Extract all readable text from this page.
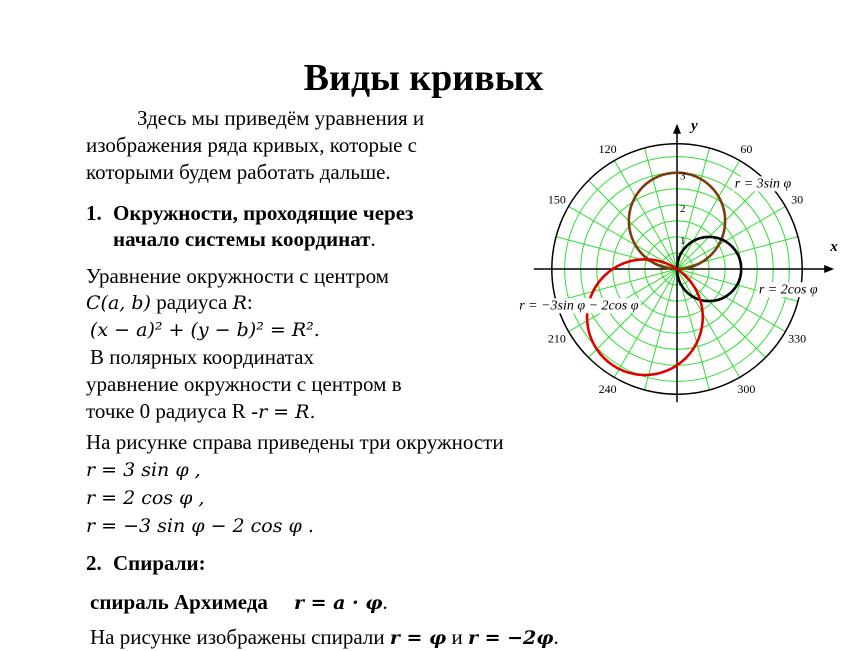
Виды кривых
Здесь мы приведём уравнения и
изображения ряда кривых, которые с
которыми будем работать дальше.
1. Окружности, проходящие через
начало системы координат.
Уравнение окружности с центром
C(a, b) радиуса R:
(x − a)² + (y − b)² = R².
В полярных координатах
уравнение окружности с центром в
точке 0 радиуса R -r = R.
На рисунке справа приведены три окружности
r = 3 sin φ ,
r = 2 cos φ ,
r = −3 sin φ − 2 cos φ .
2. Спирали:
спираль Архимеда r = a · φ.
На рисунке изображены спирали r = φ и r = −2φ.
x
y
1
2
3
30
60
120
150
210
240	300
330
r = 3sin φ
r = 2cos φ
r = −3sin φ − 2cos φ
